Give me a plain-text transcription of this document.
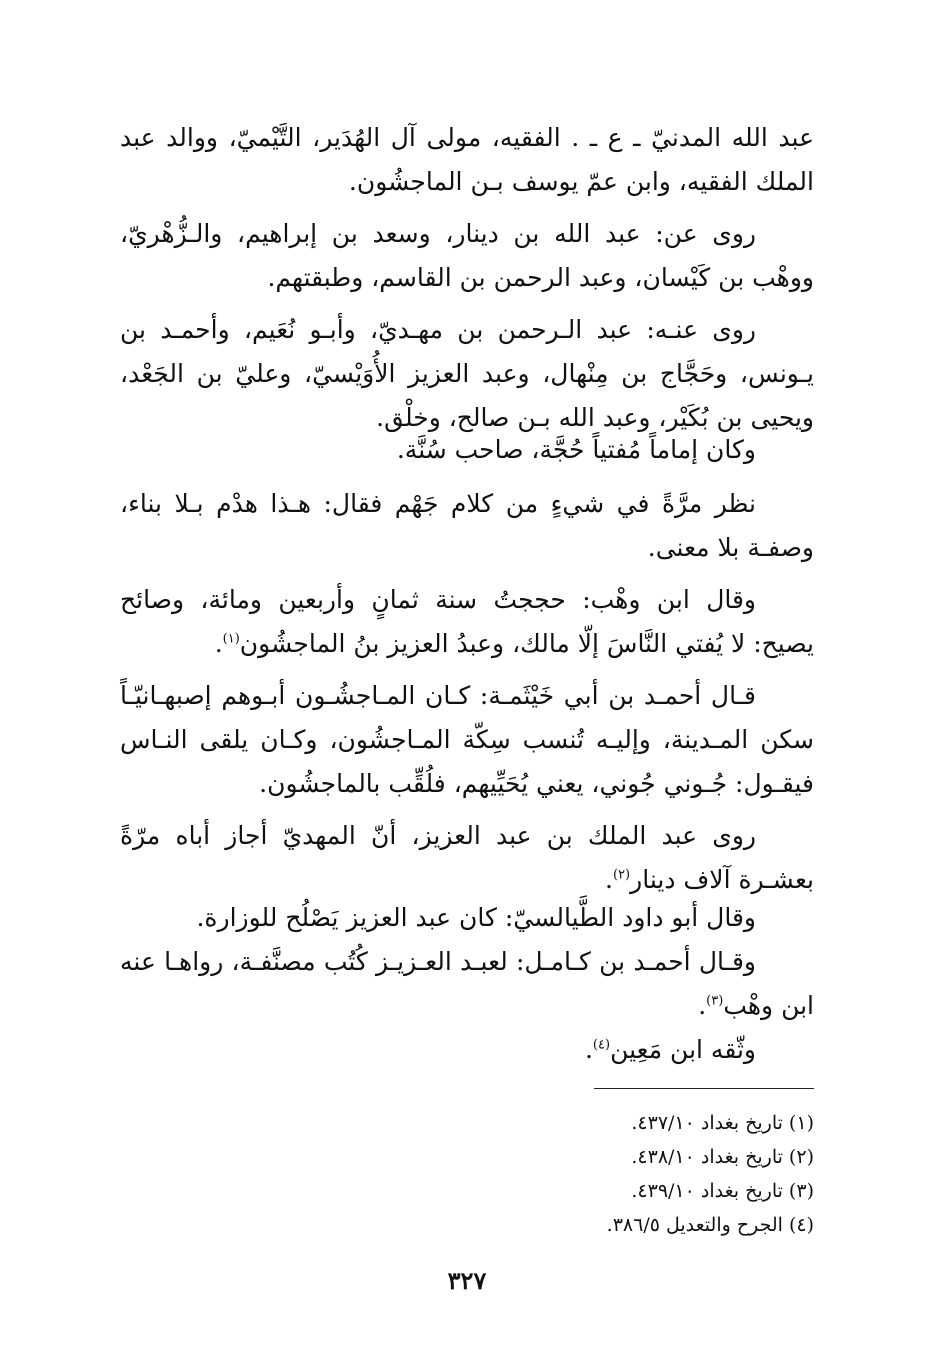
عبد الله المدنيّ ـ ع ـ . الفقيه، مولى آل الهُدَير، التَّيْميّ، ووالد عبد الملك الفقيه، وابن عمّ يوسف بـن الماجشُون.

روى عن: عبد الله بن دينار، وسعد بن إبراهيم، والـزُّهْريّ، ووهْب بن كَيْسان، وعبد الرحمن بن القاسم، وطبقتهم.

روى عنـه: عبد الـرحمن بن مهـديّ، وأبـو نُعَيم، وأحمـد بن يـونس، وحَجَّاج بن مِنْهال، وعبد العزيز الأُوَيْسيّ، وعليّ بن الجَعْد، ويحيى بن بُكَيْر، وعبد الله بـن صالح، وخلْق.

وكان إماماً مُفتياً حُجَّة، صاحب سُنَّة.

نظر مرَّةً في شيءٍ من كلام جَهْم فقال: هـذا هدْم بـلا بناء، وصفـة بلا معنى.

وقال ابن وهْب: حججتُ سنة ثمانٍ وأربعين ومائة، وصائح يصيح: لا يُفتي النَّاسَ إلّا مالك، وعبدُ العزيز بنُ الماجشُون$^{(١)}$.

قـال أحمـد بن أبي خَيْثَمـة: كـان المـاجشُـون أبـوهم إصبهـانيّـاً سكن المـدينة، وإليـه تُنسب سِكّة المـاجشُون، وكـان يلقى النـاس فيقـول: جُـوني جُوني، يعني يُحَيِّيهم، فلُقِّب بالماجشُون.

روى عبد الملك بن عبد العزيز، أنّ المهديّ أجاز أباه مرّةً بعشـرة آلاف دينار$^{(٢)}$.

وقال أبو داود الطَّيالسيّ: كان عبد العزيز يَصْلُح للوزارة.

وقـال أحمـد بن كـامـل: لعبـد العـزيـز كُتُب مصنَّفـة، رواهـا عنه ابن وهْب$^{(٣)}$.

وثّقه ابن مَعِين$^{(٤)}$.

(١) تاريخ بغداد ٤٣٧/١٠.
(٢) تاريخ بغداد ٤٣٨/١٠.
(٣) تاريخ بغداد ٤٣٩/١٠.
(٤) الجرح والتعديل ٣٨٦/٥.
٣٢٧
